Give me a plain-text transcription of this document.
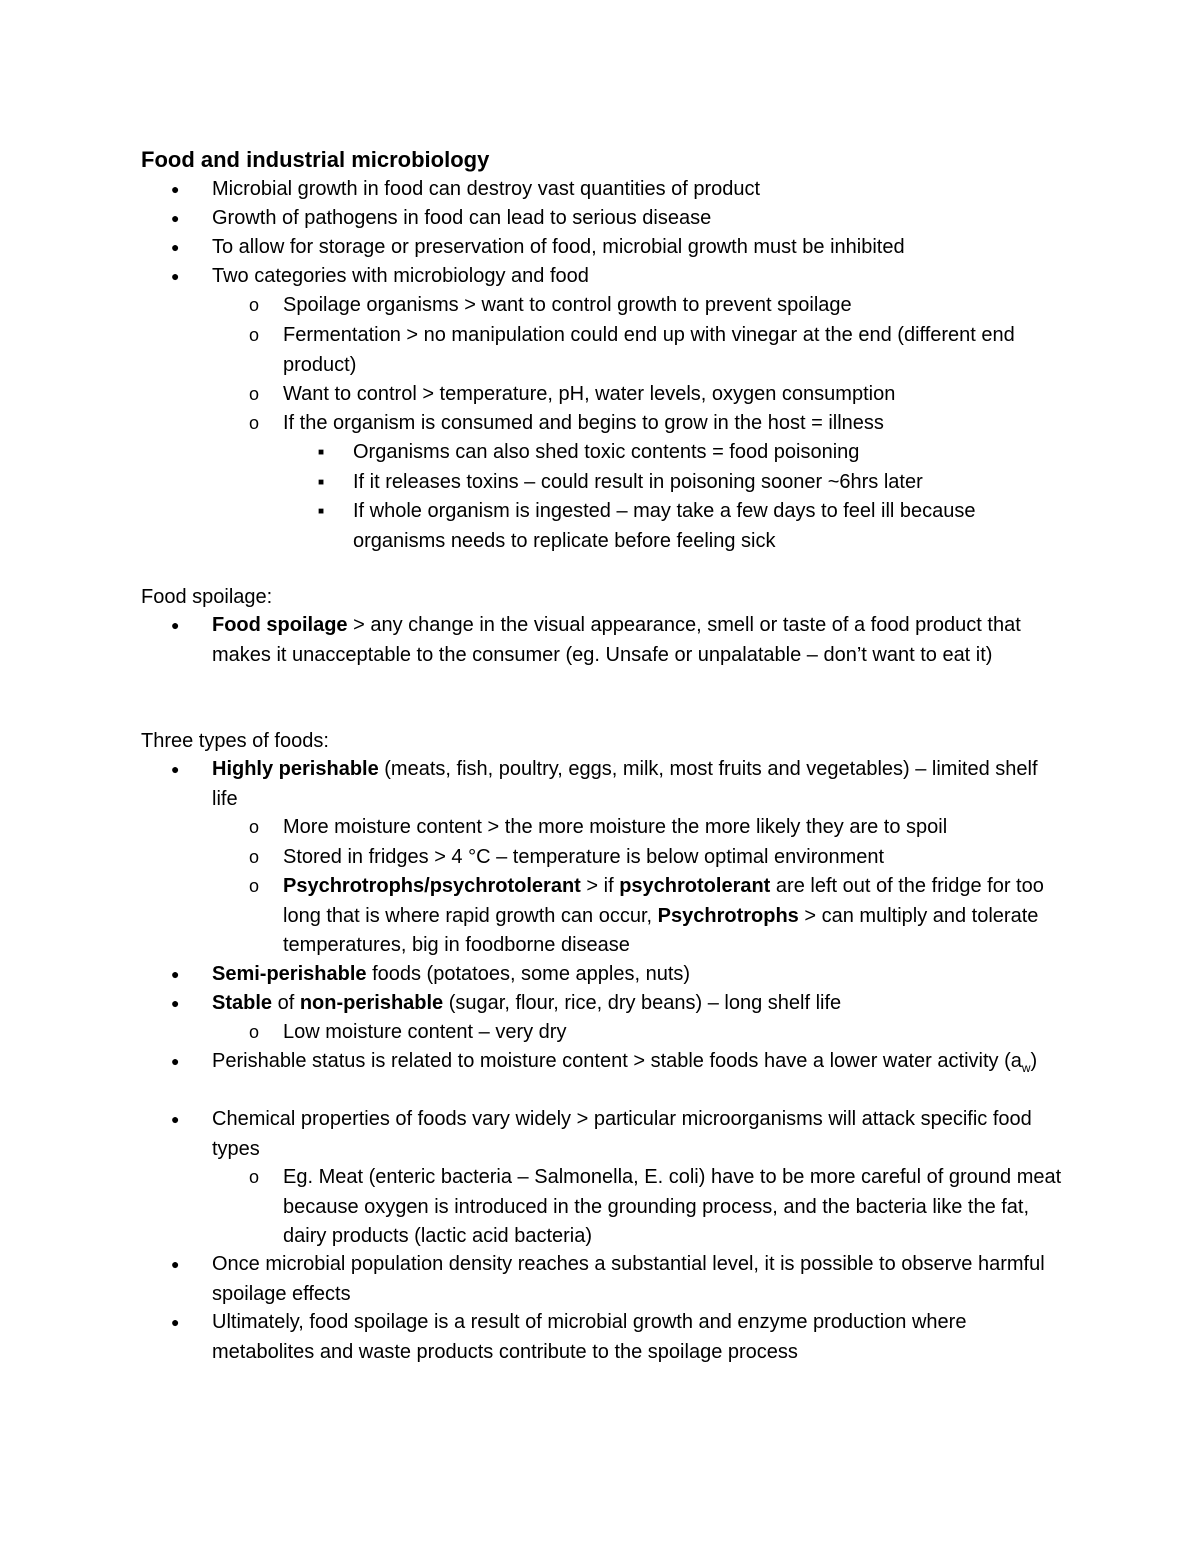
Food and industrial microbiology
● Microbial growth in food can destroy vast quantities of product
● Growth of pathogens in food can lead to serious disease
● To allow for storage or preservation of food, microbial growth must be inhibited
● Two categories with microbiology and food
o Spoilage organisms > want to control growth to prevent spoilage
o Fermentation > no manipulation could end up with vinegar at the end (different end product)
o Want to control > temperature, pH, water levels, oxygen consumption
o If the organism is consumed and begins to grow in the host = illness
■ Organisms can also shed toxic contents = food poisoning
■ If it releases toxins – could result in poisoning sooner ~6hrs later
■ If whole organism is ingested – may take a few days to feel ill because organisms needs to replicate before feeling sick
Food spoilage:
● Food spoilage > any change in the visual appearance, smell or taste of a food product that makes it unacceptable to the consumer (eg. Unsafe or unpalatable – don’t want to eat it)
Three types of foods:
● Highly perishable (meats, fish, poultry, eggs, milk, most fruits and vegetables) – limited shelf life
o More moisture content > the more moisture the more likely they are to spoil
o Stored in fridges > 4 °C – temperature is below optimal environment
o Psychrotrophs/psychrotolerant > if psychrotolerant are left out of the fridge for too long that is where rapid growth can occur, Psychrotrophs > can multiply and tolerate temperatures, big in foodborne disease
● Semi-perishable foods (potatoes, some apples, nuts)
● Stable of non-perishable (sugar, flour, rice, dry beans) – long shelf life
o Low moisture content – very dry
● Perishable status is related to moisture content > stable foods have a lower water activity $(a_w)$
● Chemical properties of foods vary widely > particular microorganisms will attack specific food types
o Eg. Meat (enteric bacteria – Salmonella, E. coli) have to be more careful of ground meat because oxygen is introduced in the grounding process, and the bacteria like the fat, dairy products (lactic acid bacteria)
● Once microbial population density reaches a substantial level, it is possible to observe harmful spoilage effects
● Ultimately, food spoilage is a result of microbial growth and enzyme production where metabolites and waste products contribute to the spoilage process
